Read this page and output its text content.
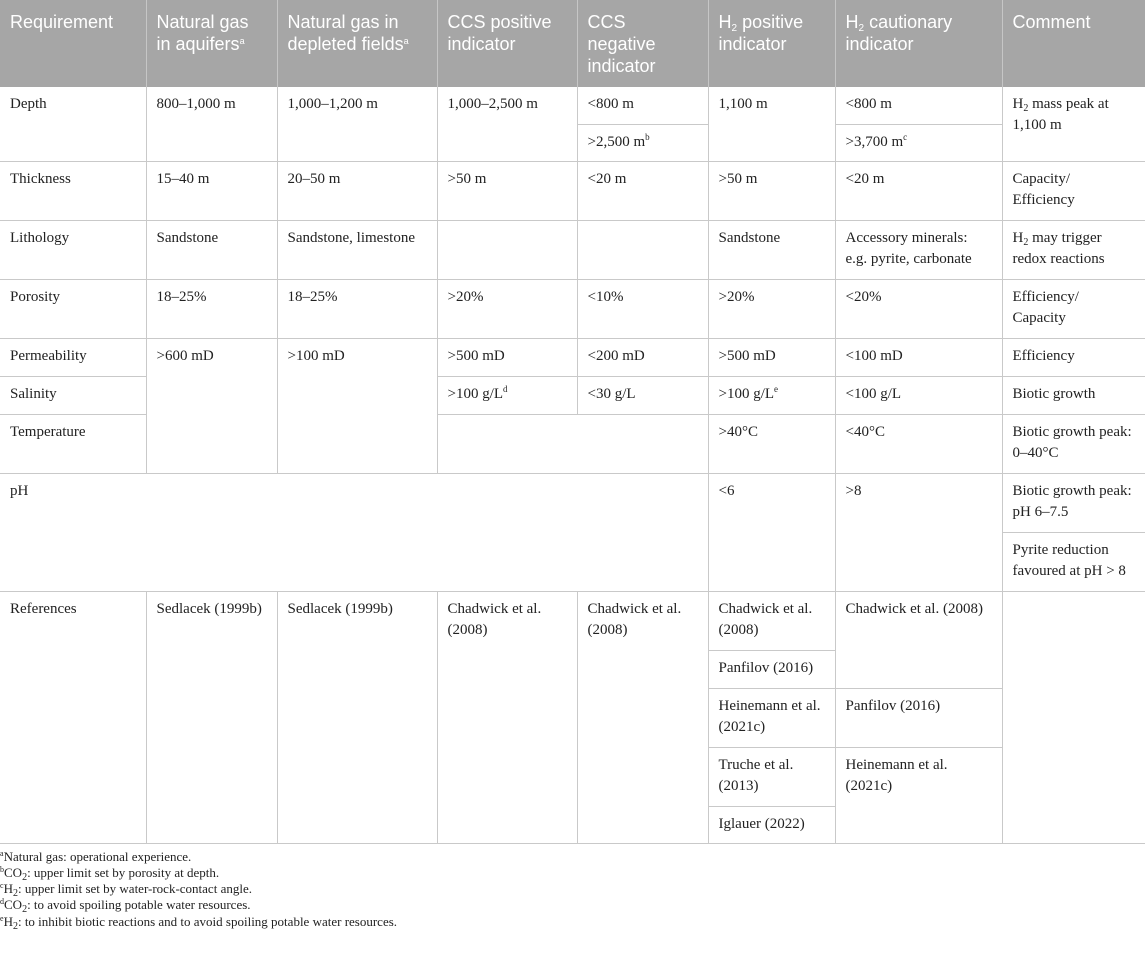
Requirement	Natural gas in aquifers$^a$	Natural gas in depleted fields$^a$	CCS positive indicator	CCS negative indicator	$H_2$ positive indicator	$H_2$ cautionary indicator	Comment
Depth	800–1,000 m	1,000–1,200 m	1,000–2,500 m	<800 m	1,100 m	<800 m	$H_2$ mass peak at 1,100 m
				>2,500 $m^b$		>3,700 $m^c$
Thickness	15–40 m	20–50 m	>50 m	<20 m	>50 m	<20 m	Capacity/ Efficiency
Lithology	Sandstone	Sandstone, limestone			Sandstone	Accessory minerals: e.g. pyrite, carbonate	$H_2$ may trigger redox reactions
Porosity	18–25%	18–25%	>20%	<10%	>20%	<20%	Efficiency/ Capacity
Permeability	>600 mD	>100 mD	>500 mD	<200 mD	>500 mD	<100 mD	Efficiency
Salinity			>100 $g/L^d$	<30 g/L	>100 $g/L^e$	<100 g/L	Biotic growth
Temperature					>40°C	<40°C	Biotic growth peak: 0–40°C
pH					<6	>8	Biotic growth peak: pH 6–7.5
							Pyrite reduction favoured at pH > 8
References	Sedlacek (1999b)	Sedlacek (1999b)	Chadwick et al. (2008)	Chadwick et al. (2008)	Chadwick et al. (2008)	Chadwick et al. (2008)	
					Panfilov (2016)		
					Heinemann et al. (2021c)	Panfilov (2016)	
					Truche et al. (2013)	Heinemann et al. (2021c)	
					Iglauer (2022)		
$^a$Natural gas: operational experience.
$^bCO_2$: upper limit set by porosity at depth.
$^cH_2$: upper limit set by water-rock-contact angle.
$^dCO_2$: to avoid spoiling potable water resources.
$^eH_2$: to inhibit biotic reactions and to avoid spoiling potable water resources.
